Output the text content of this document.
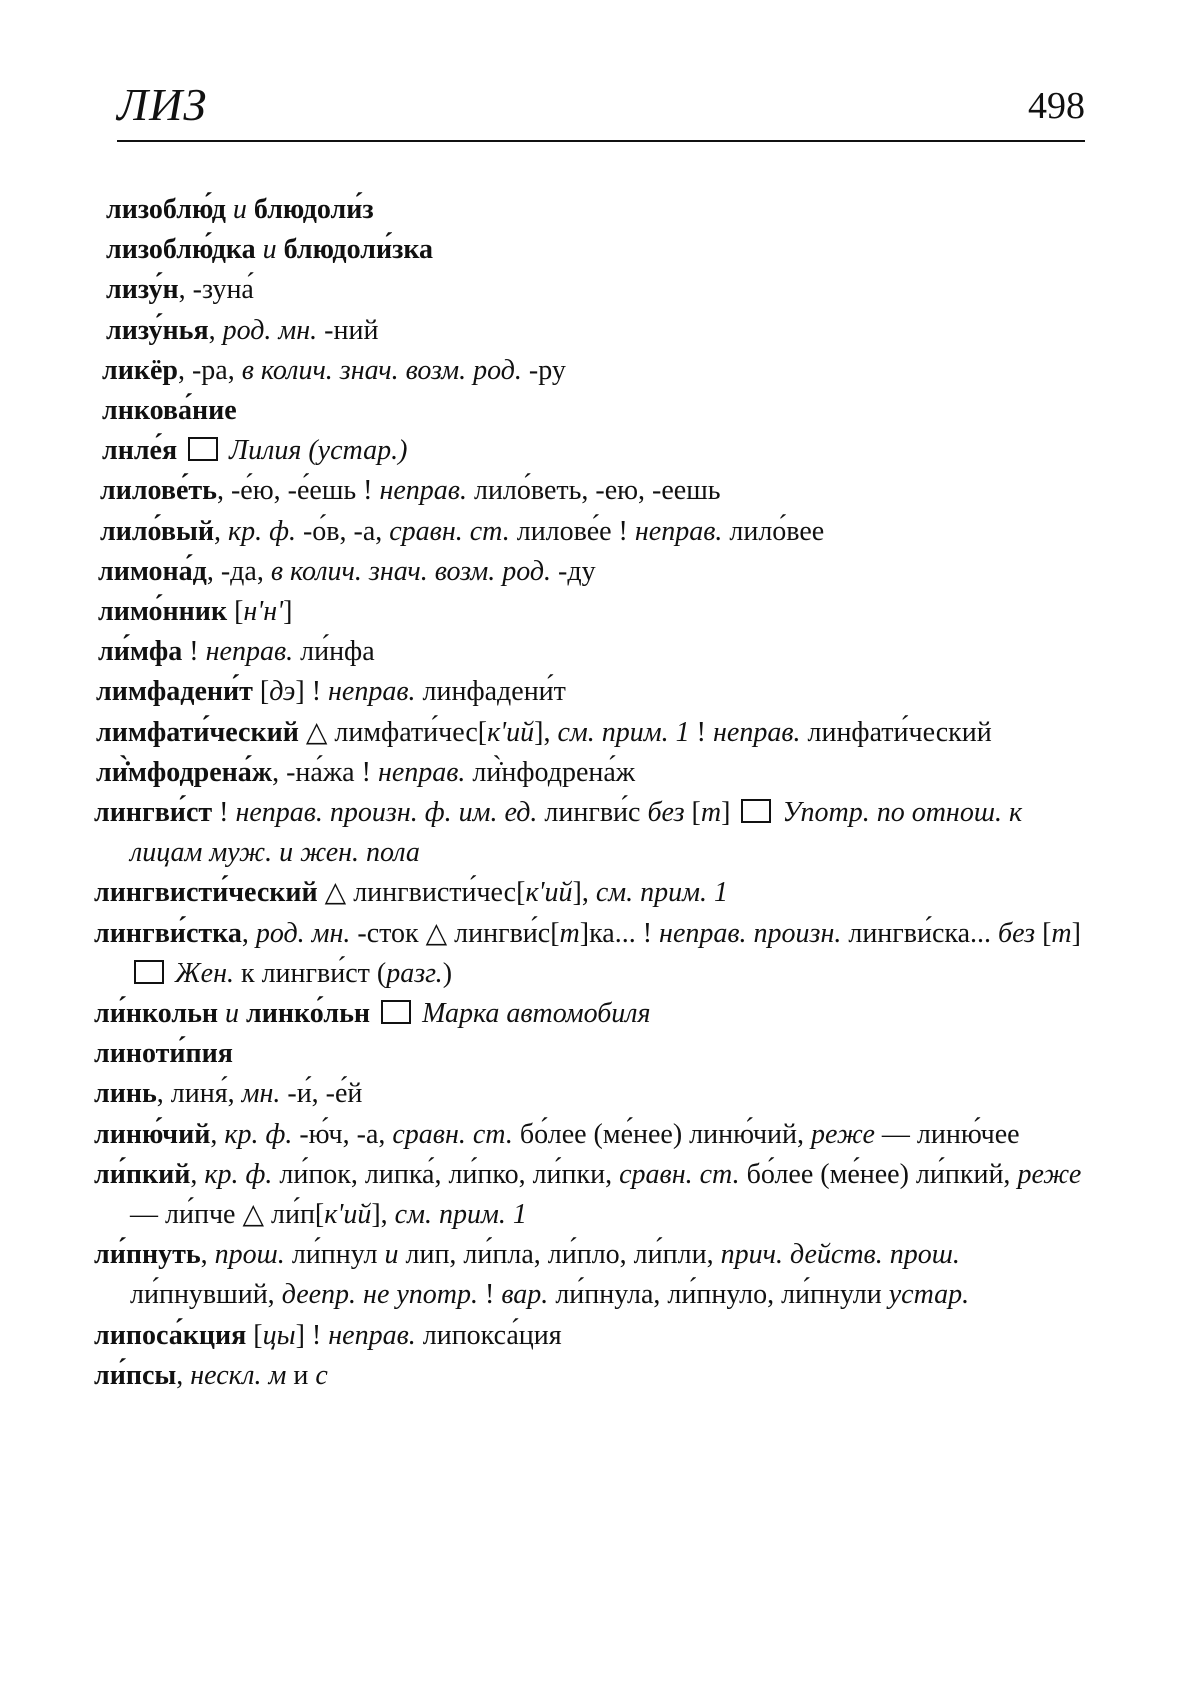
ЛИЗ	498

лизоблю́д и блюдоли́з

лизоблю́дка и блюдоли́зка

лизу́н, -зуна́

лизу́нья, род. мн. -ний

ликёр, -ра, в колич. знач. возм. род. -ру

лнкова́ние

лнле́я  Лилия (устар.)

лилове́ть, -е́ю, -е́ешь ! неправ. лило́веть, -ею, -еешь

лило́вый, кр. ф. -о́в, -а, сравн. ст. лилове́е ! неправ. лило́вее

лимона́д, -да, в колич. знач. возм. род. -ду

лимо́нник [н'н']

ли́мфа ! неправ. ли́нфа

лимфадени́т [дэ] ! неправ. линфадени́т

лимфати́ческий △ лимфати́чес[к'ий], см. прим. 1 ! неправ. линфати́ческий

ли̇̀мфодрена́ж, -на́жа ! неправ. ли̇̀нфодрена́ж

лингви́ст ! неправ. произн. ф. им. ед. лингви́с без [т]  Употр. по отнош. к лицам муж. и жен. пола

лингвисти́ческий △ лингвисти́чес[к'ий], см. прим. 1

лингви́стка, род. мн. -сток △ лингви́с[т]ка... ! неправ. произн. лингви́ска... без [т]  Жен. к лингви́ст (разг.)

ли́нкольн и линко́льн  Марка автомобиля

линоти́пия

линь, линя́, мн. -и́, -е́й

линю́чий, кр. ф. -ю́ч, -а, сравн. ст. бо́лее (ме́нее) линю́чий, реже — линю́чее

ли́пкий, кр. ф. ли́пок, липка́, ли́пко, ли́пки, сравн. ст. бо́лее (ме́нее) ли́пкий, реже — ли́пче △ ли́п[к'ий], см. прим. 1

ли́пнуть, прош. ли́пнул и лип, ли́пла, ли́пло, ли́пли, прич. действ. прош. ли́пнувший, деепр. не употр. ! вар. ли́пнула, ли́пнуло, ли́пнули устар.

липоса́кция [цы] ! неправ. липокса́ция

ли́псы, нескл. м и с
